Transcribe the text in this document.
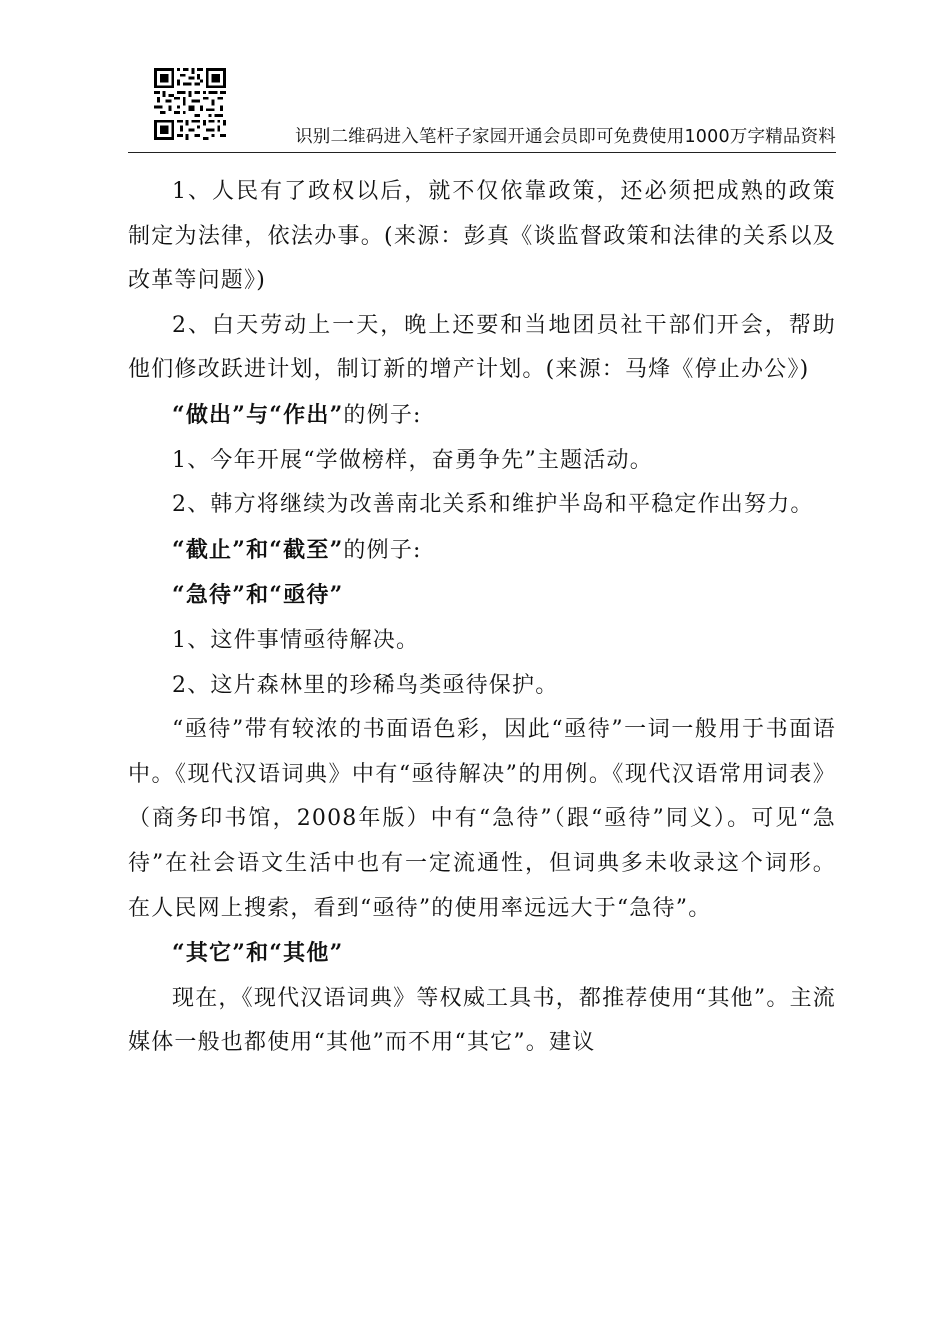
识别二维码进入笔杆子家园开通会员即可免费使用1000万字精品资料

1、人民有了政权以后，就不仅依靠政策，还必须把成熟的政策制定为法律，依法办事。(来源：彭真《谈监督政策和法律的关系以及改革等问题》)

2、白天劳动上一天，晚上还要和当地团员社干部们开会，帮助他们修改跃进计划，制订新的增产计划。(来源：马烽《停止办公》)

“做出”与“作出”的例子:

1、今年开展“学做榜样，奋勇争先”主题活动。

2、韩方将继续为改善南北关系和维护半岛和平稳定作出努力。

“截止”和“截至”的例子:

“急待”和“亟待”

1、这件事情亟待解决。

2、这片森林里的珍稀鸟类亟待保护。

“亟待”带有较浓的书面语色彩，因此“亟待”一词一般用于书面语中。《现代汉语词典》中有“亟待解决”的用例。《现代汉语常用词表》（商务印书馆，2008年版）中有“急待”（跟“亟待”同义）。可见“急待”在社会语文生活中也有一定流通性，但词典多未收录这个词形。在人民网上搜索，看到“亟待”的使用率远远大于“急待”。

“其它”和“其他”

现在，《现代汉语词典》等权威工具书，都推荐使用“其他”。主流媒体一般也都使用“其他”而不用“其它”。建议
